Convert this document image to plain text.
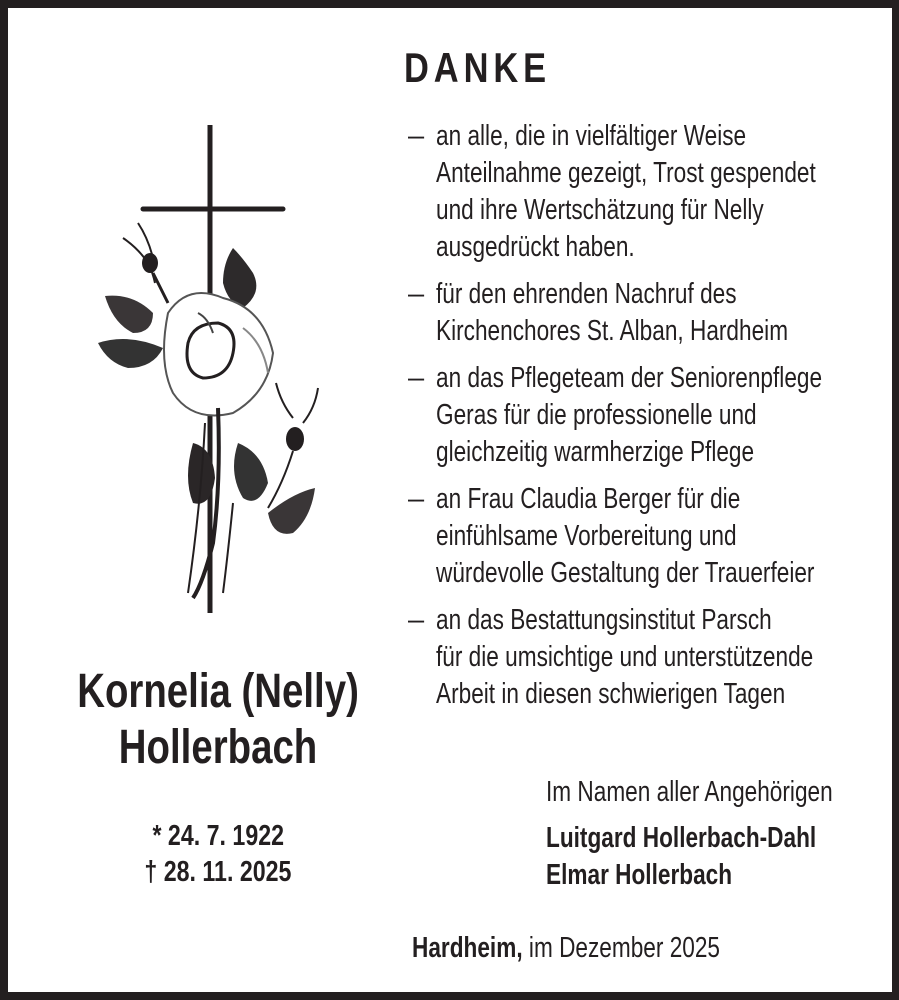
DANKE
– an alle, die in vielfältiger Weise
Anteilnahme gezeigt, Trost gespendet
und ihre Wertschätzung für Nelly
ausgedrückt haben.
– für den ehrenden Nachruf des
Kirchenchores St. Alban, Hardheim
– an das Pflegeteam der Seniorenpflege
Geras für die professionelle und
gleichzeitig warmherzige Pflege
– an Frau Claudia Berger für die
einfühlsame Vorbereitung und
würdevolle Gestaltung der Trauerfeier
– an das Bestattungsinstitut Parsch
für die umsichtige und unterstützende
Arbeit in diesen schwierigen Tagen
Kornelia (Nelly)
Hollerbach
* 24. 7. 1922
† 28. 11. 2025
Im Namen aller Angehörigen
Luitgard Hollerbach-Dahl
Elmar Hollerbach
Hardheim, im Dezember 2025
